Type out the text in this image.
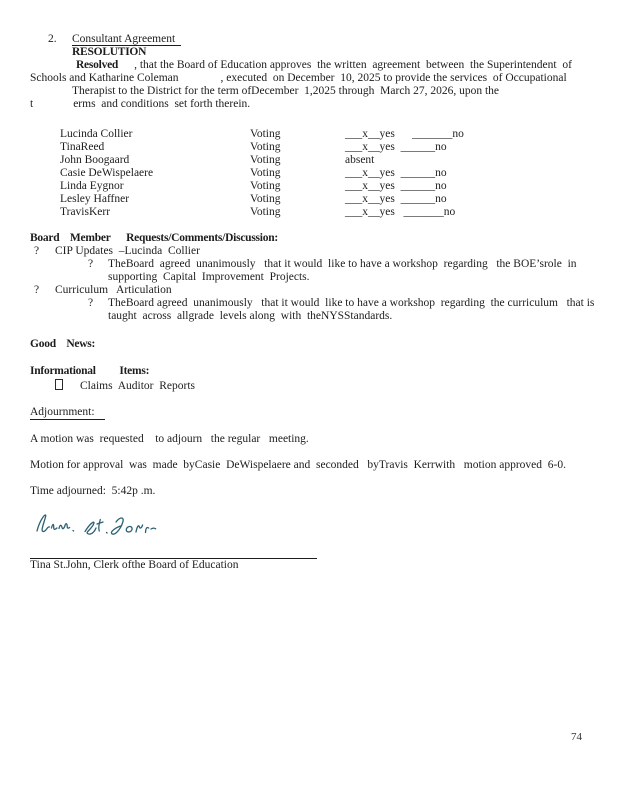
2. Consultant Agreement
RESOLUTION
Resolved , that the Board of Education approves  the written  agreement  between  the Superintendent  of
Schools and Katharine Coleman	, executed  on December  10, 2025 to provide the services  of Occupational
Therapist to the District for the term ofDecember  1,2025 through  March 27, 2026, upon the
t	erms  and conditions  set forth therein.
Lucinda Collier	Voting	___x__yes      _______no
TinaReed	Voting	___x__yes  ______no
John Boogaard	Voting	absent
Casie DeWispelaere	Voting	___x__yes  ______no
Linda Eygnor	Voting	___x__yes  ______no
Lesley Haffner	Voting	___x__yes  ______no
TravisKerr	Voting	___x__yes   _______no
Board    Member      Requests/Comments/Discussion:
?	CIP Updates  –Lucinda  Collier
?	TheBoard  agreed  unanimously   that it would  like to have a workshop  regarding   the BOE’srole  in
supporting  Capital  Improvement  Projects.
?	Curriculum   Articulation
?	TheBoard agreed  unanimously   that it would  like to have a workshop  regarding  the curriculum   that is
taught  across  allgrade  levels along  with  theNYSStandards.
Good    News:
Informational         Items:
Claims  Auditor  Reports
Adjournment:
A motion was  requested    to adjourn   the regular   meeting.
Motion for approval  was  made  byCasie  DeWispelaere and  seconded   byTravis  Kerrwith   motion approved  6-0.
Time adjourned:  5:42p .m.
Tina St.John, Clerk ofthe Board of Education
74
